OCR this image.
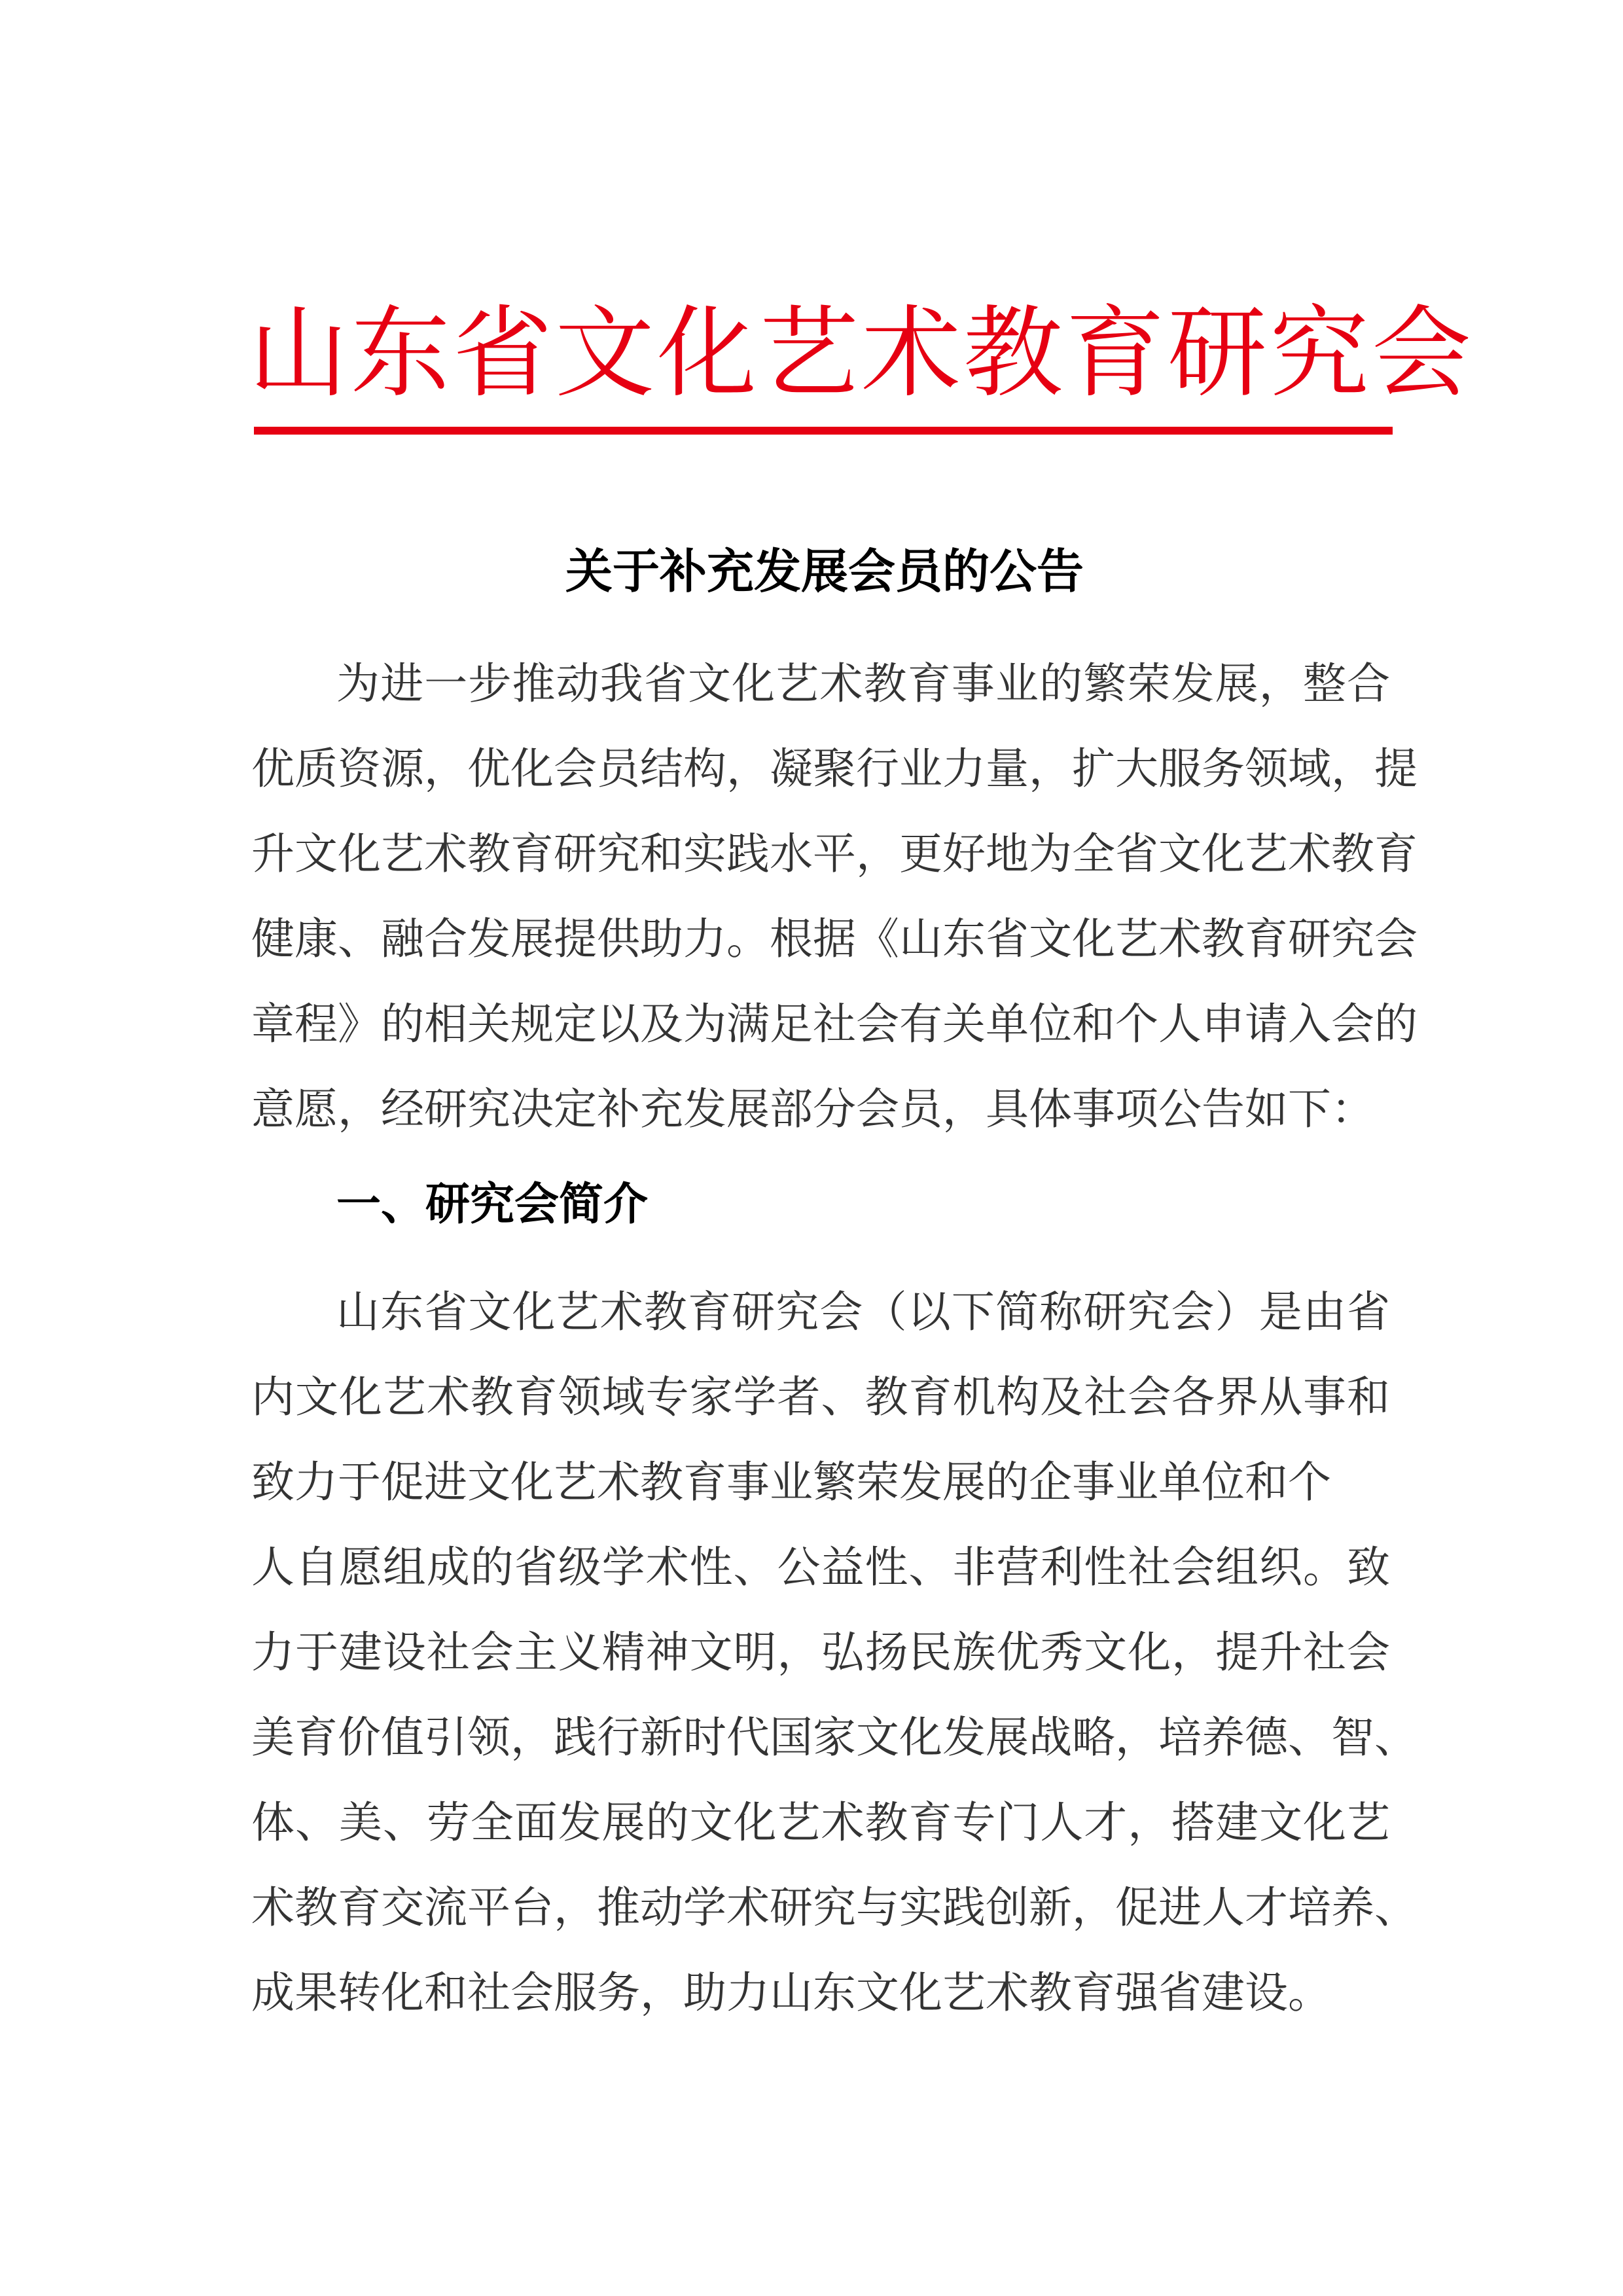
山东省文化艺术教育研究会
关于补充发展会员的公告

为进一步推动我省文化艺术教育事业的繁荣发展，整合

优质资源，优化会员结构，凝聚行业力量，扩大服务领域，提

升文化艺术教育研究和实践水平，更好地为全省文化艺术教育

健康、融合发展提供助力。根据《山东省文化艺术教育研究会

章程》的相关规定以及为满足社会有关单位和个人申请入会的

意愿，经研究决定补充发展部分会员，具体事项公告如下：

一、研究会简介

山东省文化艺术教育研究会（以下简称研究会）是由省

内文化艺术教育领域专家学者、教育机构及社会各界从事和

致力于促进文化艺术教育事业繁荣发展的企事业单位和个

人自愿组成的省级学术性、公益性、非营利性社会组织。致

力于建设社会主义精神文明，弘扬民族优秀文化，提升社会

美育价值引领，践行新时代国家文化发展战略，培养德、智、

体、美、劳全面发展的文化艺术教育专门人才，搭建文化艺

术教育交流平台，推动学术研究与实践创新，促进人才培养、

成果转化和社会服务，助力山东文化艺术教育强省建设。
